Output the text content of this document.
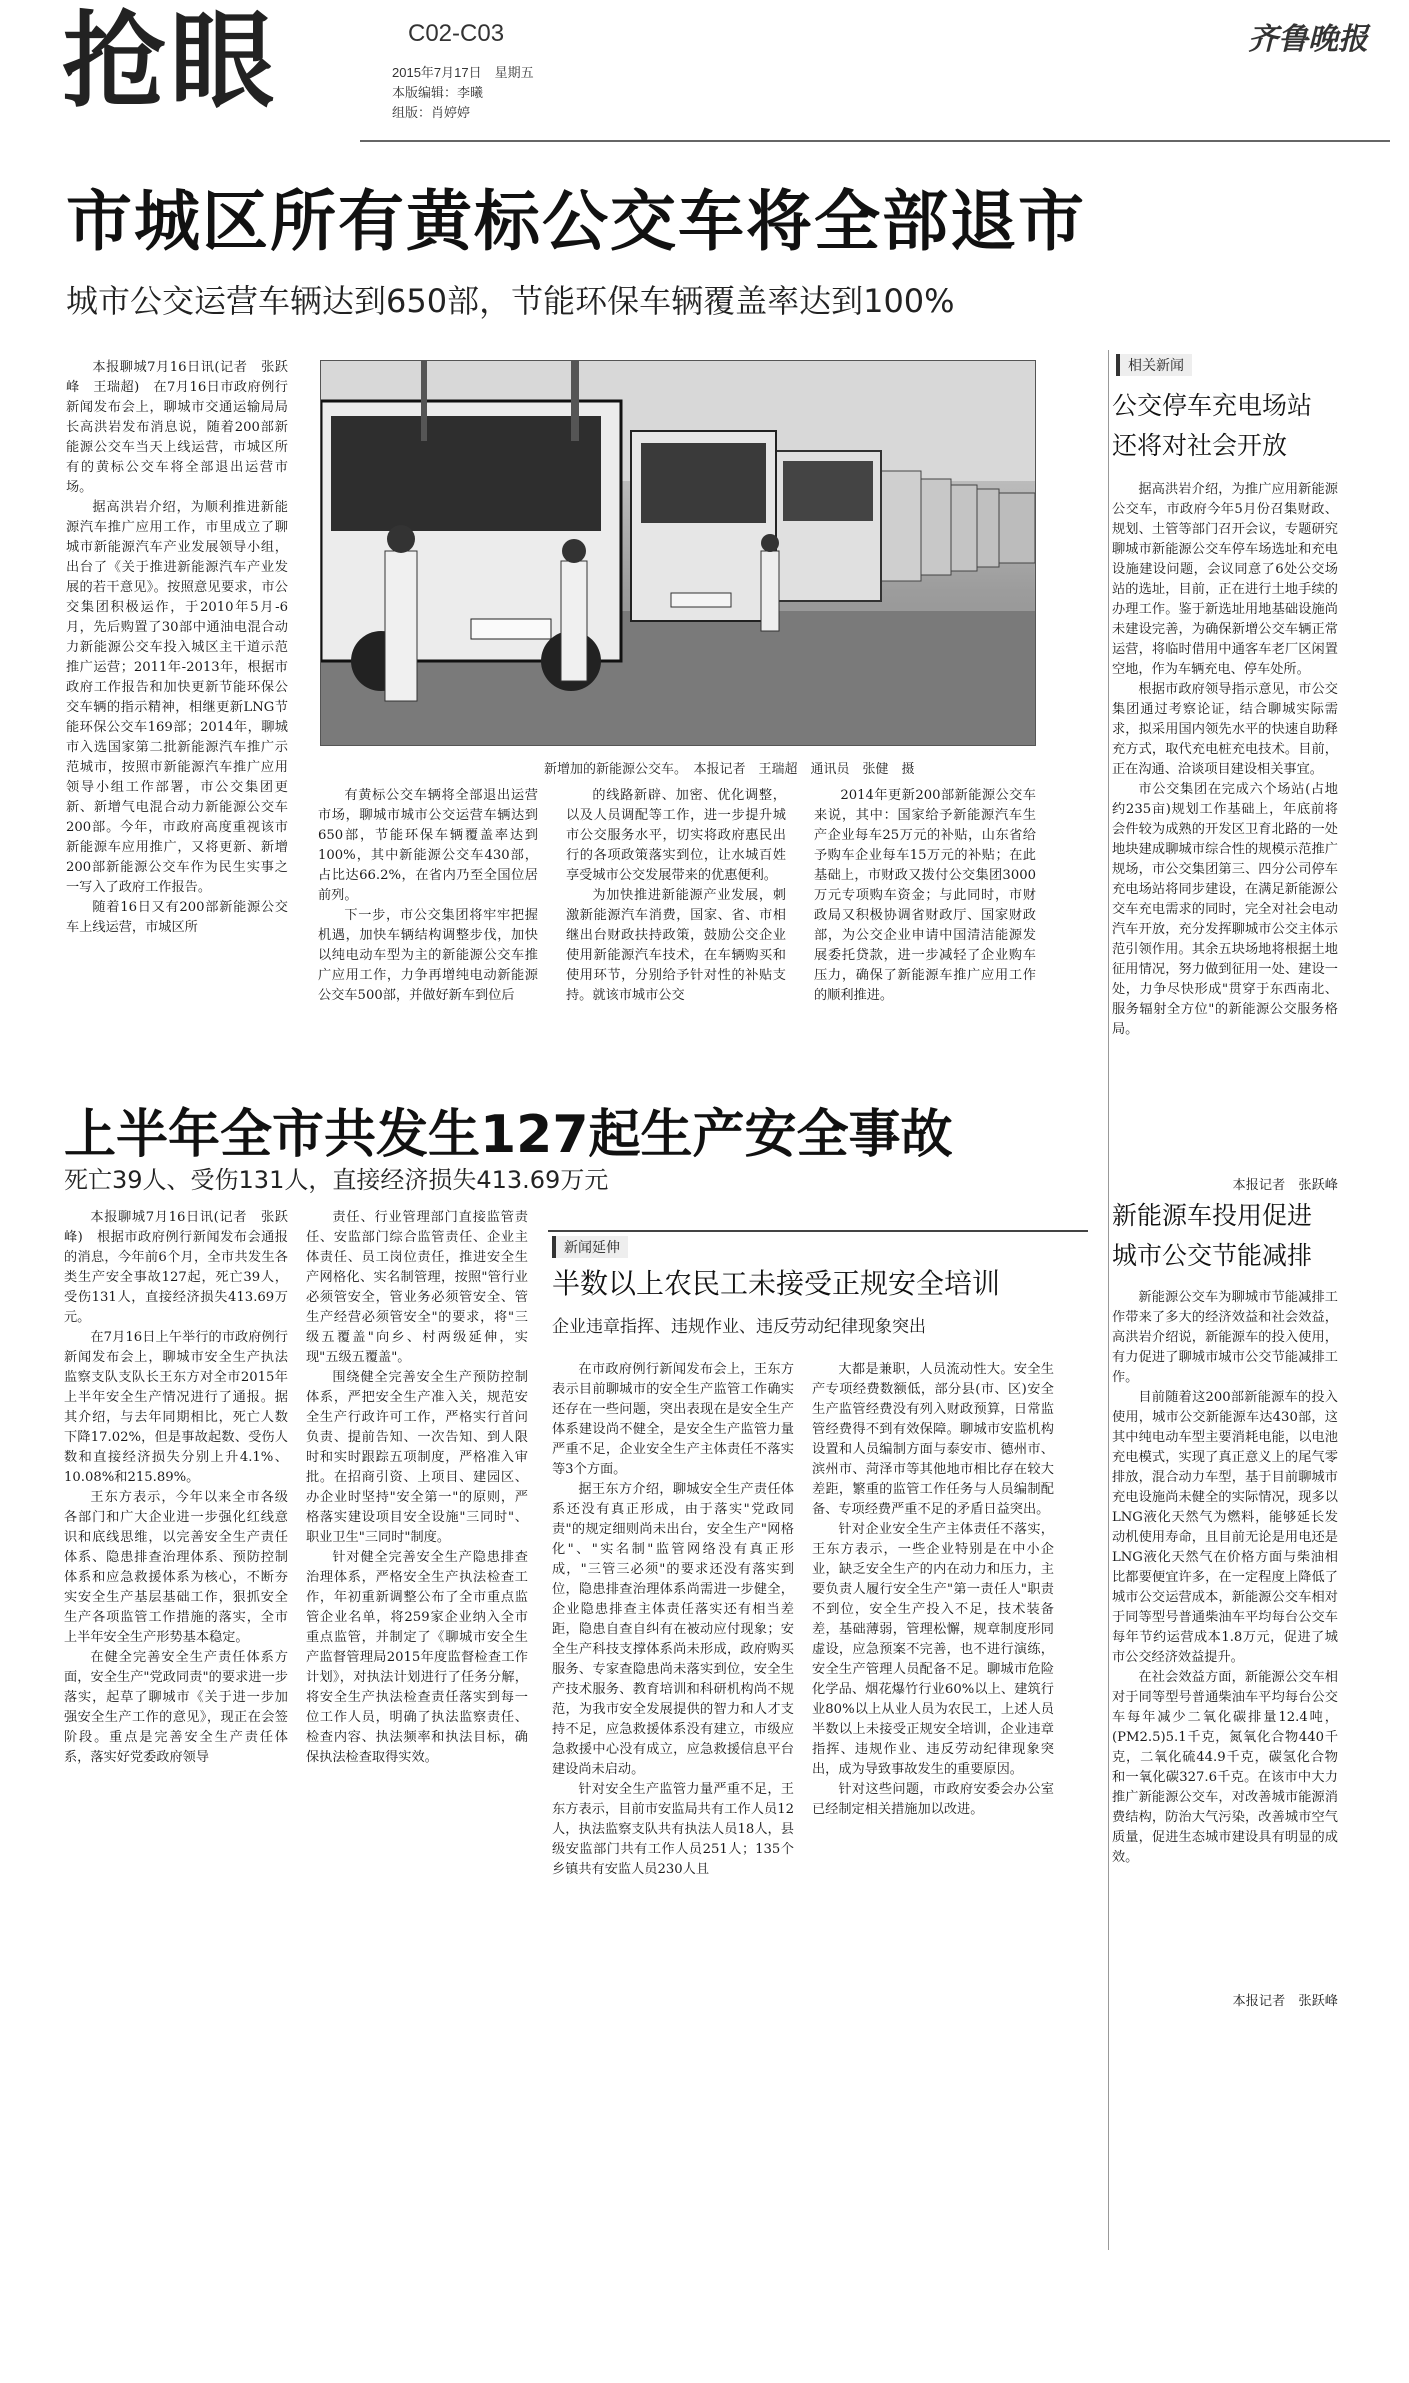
抢眼	C02-C03
2015年7月17日　星期五
本版编辑：李曦
组版：肖婷婷
齐鲁晚报
市城区所有黄标公交车将全部退市
城市公交运营车辆达到650部，节能环保车辆覆盖率达到100%
新增加的新能源公交车。　本报记者　王瑞超　通讯员　张健　摄

本报聊城7月16日讯(记者　张跃峰　王瑞超)　在7月16日市政府例行新闻发布会上，聊城市交通运输局局长高洪岩发布消息说，随着200部新能源公交车当天上线运营，市城区所有的黄标公交车将全部退出运营市场。

据高洪岩介绍，为顺利推进新能源汽车推广应用工作，市里成立了聊城市新能源汽车产业发展领导小组，出台了《关于推进新能源汽车产业发展的若干意见》。按照意见要求，市公交集团积极运作，于2010年5月-6月，先后购置了30部中通油电混合动力新能源公交车投入城区主干道示范推广运营；2011年-2013年，根据市政府工作报告和加快更新节能环保公交车辆的指示精神，相继更新LNG节能环保公交车169部；2014年，聊城市入选国家第二批新能源汽车推广示范城市，按照市新能源汽车推广应用领导小组工作部署，市公交集团更新、新增气电混合动力新能源公交车200部。今年，市政府高度重视该市新能源车应用推广，又将更新、新增200部新能源公交车作为民生实事之一写入了政府工作报告。

随着16日又有200部新能源公交车上线运营，市城区所

有黄标公交车辆将全部退出运营市场，聊城市城市公交运营车辆达到650部，节能环保车辆覆盖率达到100%，其中新能源公交车430部，占比达66.2%，在省内乃至全国位居前列。

下一步，市公交集团将牢牢把握机遇，加快车辆结构调整步伐，加快以纯电动车型为主的新能源公交车推广应用工作，力争再增纯电动新能源公交车500部，并做好新车到位后

的线路新辟、加密、优化调整，以及人员调配等工作，进一步提升城市公交服务水平，切实将政府惠民出行的各项政策落实到位，让水城百姓享受城市公交发展带来的优惠便利。

为加快推进新能源产业发展，刺激新能源汽车消费，国家、省、市相继出台财政扶持政策，鼓励公交企业使用新能源汽车技术，在车辆购买和使用环节，分别给予针对性的补贴支持。就该市城市公交

2014年更新200部新能源公交车来说，其中：国家给予新能源汽车生产企业每车25万元的补贴，山东省给予购车企业每车15万元的补贴；在此基础上，市财政又拨付公交集团3000万元专项购车资金；与此同时，市财政局又积极协调省财政厅、国家财政部，为公交企业申请中国清洁能源发展委托贷款，进一步减轻了企业购车压力，确保了新能源车推广应用工作的顺利推进。

相关新闻
公交停车充电场站
还将对社会开放

据高洪岩介绍，为推广应用新能源公交车，市政府今年5月份召集财政、规划、土管等部门召开会议，专题研究聊城市新能源公交车停车场选址和充电设施建设问题，会议同意了6处公交场站的选址，目前，正在进行土地手续的办理工作。鉴于新选址用地基础设施尚未建设完善，为确保新增公交车辆正常运营，将临时借用中通客车老厂区闲置空地，作为车辆充电、停车处所。

根据市政府领导指示意见，市公交集团通过考察论证，结合聊城实际需求，拟采用国内领先水平的快速自助释充方式，取代充电桩充电技术。目前，正在沟通、洽谈项目建设相关事宜。

市公交集团在完成六个场站(占地约235亩)规划工作基础上，年底前将会件较为成熟的开发区卫育北路的一处地块建成聊城市综合性的规模示范推广规场，市公交集团第三、四分公司停车充电场站将同步建设，在满足新能源公交车充电需求的同时，完全对社会电动汽车开放，充分发挥聊城市公交主体示范引领作用。其余五块场地将根据土地征用情况，努力做到征用一处、建设一处，力争尽快形成"贯穿于东西南北、服务辐射全方位"的新能源公交服务格局。

本报记者　张跃峰
新能源车投用促进
城市公交节能减排

新能源公交车为聊城市节能减排工作带来了多大的经济效益和社会效益，高洪岩介绍说，新能源车的投入使用，有力促进了聊城市城市公交节能减排工作。

目前随着这200部新能源车的投入使用，城市公交新能源车达430部，这其中纯电动车型主要消耗电能，以电池充电模式，实现了真正意义上的尾气零排放，混合动力车型，基于目前聊城市充电设施尚未健全的实际情况，现多以LNG液化天然气为燃料，能够延长发动机使用寿命，且目前无论是用电还是LNG液化天然气在价格方面与柴油相比都要便宜许多，在一定程度上降低了城市公交运营成本，新能源公交车相对于同等型号普通柴油车平均每台公交车每年节约运营成本1.8万元，促进了城市公交经济效益提升。

在社会效益方面，新能源公交车相对于同等型号普通柴油车平均每台公交车每年减少二氧化碳排量12.4吨，(PM2.5)5.1千克，氮氧化合物440千克，二氧化硫44.9千克，碳氢化合物和一氧化碳327.6千克。在该市中大力推广新能源公交车，对改善城市能源消费结构，防治大气污染，改善城市空气质量，促进生态城市建设具有明显的成效。

本报记者　张跃峰
上半年全市共发生127起生产安全事故
死亡39人、受伤131人，直接经济损失413.69万元

本报聊城7月16日讯(记者　张跃峰)　根据市政府例行新闻发布会通报的消息，今年前6个月，全市共发生各类生产安全事故127起，死亡39人，受伤131人，直接经济损失413.69万元。

在7月16日上午举行的市政府例行新闻发布会上，聊城市安全生产执法监察支队支队长王东方对全市2015年上半年安全生产情况进行了通报。据其介绍，与去年同期相比，死亡人数下降17.02%，但是事故起数、受伤人数和直接经济损失分别上升4.1%、10.08%和215.89%。

王东方表示，今年以来全市各级各部门和广大企业进一步强化红线意识和底线思维，以完善安全生产责任体系、隐患排查治理体系、预防控制体系和应急救援体系为核心，不断夯实安全生产基层基础工作，狠抓安全生产各项监管工作措施的落实，全市上半年安全生产形势基本稳定。

在健全完善安全生产责任体系方面，安全生产"党政同责"的要求进一步落实，起草了聊城市《关于进一步加强安全生产工作的意见》，现正在会签阶段。重点是完善安全生产责任体系，落实好党委政府领导

责任、行业管理部门直接监管责任、安监部门综合监管责任、企业主体责任、员工岗位责任，推进安全生产网格化、实名制管理，按照"管行业必须管安全，管业务必须管安全、管生产经营必须管安全"的要求，将"三级五覆盖"向乡、村两级延伸，实现"五级五覆盖"。

围绕健全完善安全生产预防控制体系，严把安全生产准入关，规范安全生产行政许可工作，严格实行首问负责、提前告知、一次告知、到人限时和实时跟踪五项制度，严格准入审批。在招商引资、上项目、建园区、办企业时坚持"安全第一"的原则，严格落实建设项目安全设施"三同时"、职业卫生"三同时"制度。

针对健全完善安全生产隐患排查治理体系，严格安全生产执法检查工作，年初重新调整公布了全市重点监管企业名单，将259家企业纳入全市重点监管，并制定了《聊城市安全生产监督管理局2015年度监督检查工作计划》，对执法计划进行了任务分解，将安全生产执法检查责任落实到每一位工作人员，明确了执法监察责任、检查内容、执法频率和执法目标，确保执法检查取得实效。

新闻延伸
半数以上农民工未接受正规安全培训
企业违章指挥、违规作业、违反劳动纪律现象突出

在市政府例行新闻发布会上，王东方表示目前聊城市的安全生产监管工作确实还存在一些问题，突出表现在是安全生产体系建设尚不健全，是安全生产监管力量严重不足，企业安全生产主体责任不落实等3个方面。

据王东方介绍，聊城安全生产责任体系还没有真正形成，由于落实"党政同责"的规定细则尚未出台，安全生产"网格化"、"实名制"监管网络没有真正形成，"三管三必须"的要求还没有落实到位，隐患排查治理体系尚需进一步健全，企业隐患排查主体责任落实还有相当差距，隐患自查自纠有在被动应付现象；安全生产科技支撑体系尚未形成，政府购买服务、专家查隐患尚未落实到位，安全生产技术服务、教育培训和科研机构尚不规范，为我市安全发展提供的智力和人才支持不足，应急救援体系没有建立，市级应急救援中心没有成立，应急救援信息平台建设尚未启动。

针对安全生产监管力量严重不足，王东方表示，目前市安监局共有工作人员12人，执法监察支队共有执法人员18人，县级安监部门共有工作人员251人；135个乡镇共有安监人员230人且

大都是兼职，人员流动性大。安全生产专项经费数额低，部分县(市、区)安全生产监管经费没有列入财政预算，日常监管经费得不到有效保障。聊城市安监机构设置和人员编制方面与泰安市、德州市、滨州市、菏泽市等其他地市相比存在较大差距，繁重的监管工作任务与人员编制配备、专项经费严重不足的矛盾日益突出。

针对企业安全生产主体责任不落实，王东方表示，一些企业特别是在中小企业，缺乏安全生产的内在动力和压力，主要负责人履行安全生产"第一责任人"职责不到位，安全生产投入不足，技术装备差，基础薄弱，管理松懈，规章制度形同虚设，应急预案不完善，也不进行演练，安全生产管理人员配备不足。聊城市危险化学品、烟花爆竹行业60%以上、建筑行业80%以上从业人员为农民工，上述人员半数以上未接受正规安全培训，企业违章指挥、违规作业、违反劳动纪律现象突出，成为导致事故发生的重要原因。

针对这些问题，市政府安委会办公室已经制定相关措施加以改进。
